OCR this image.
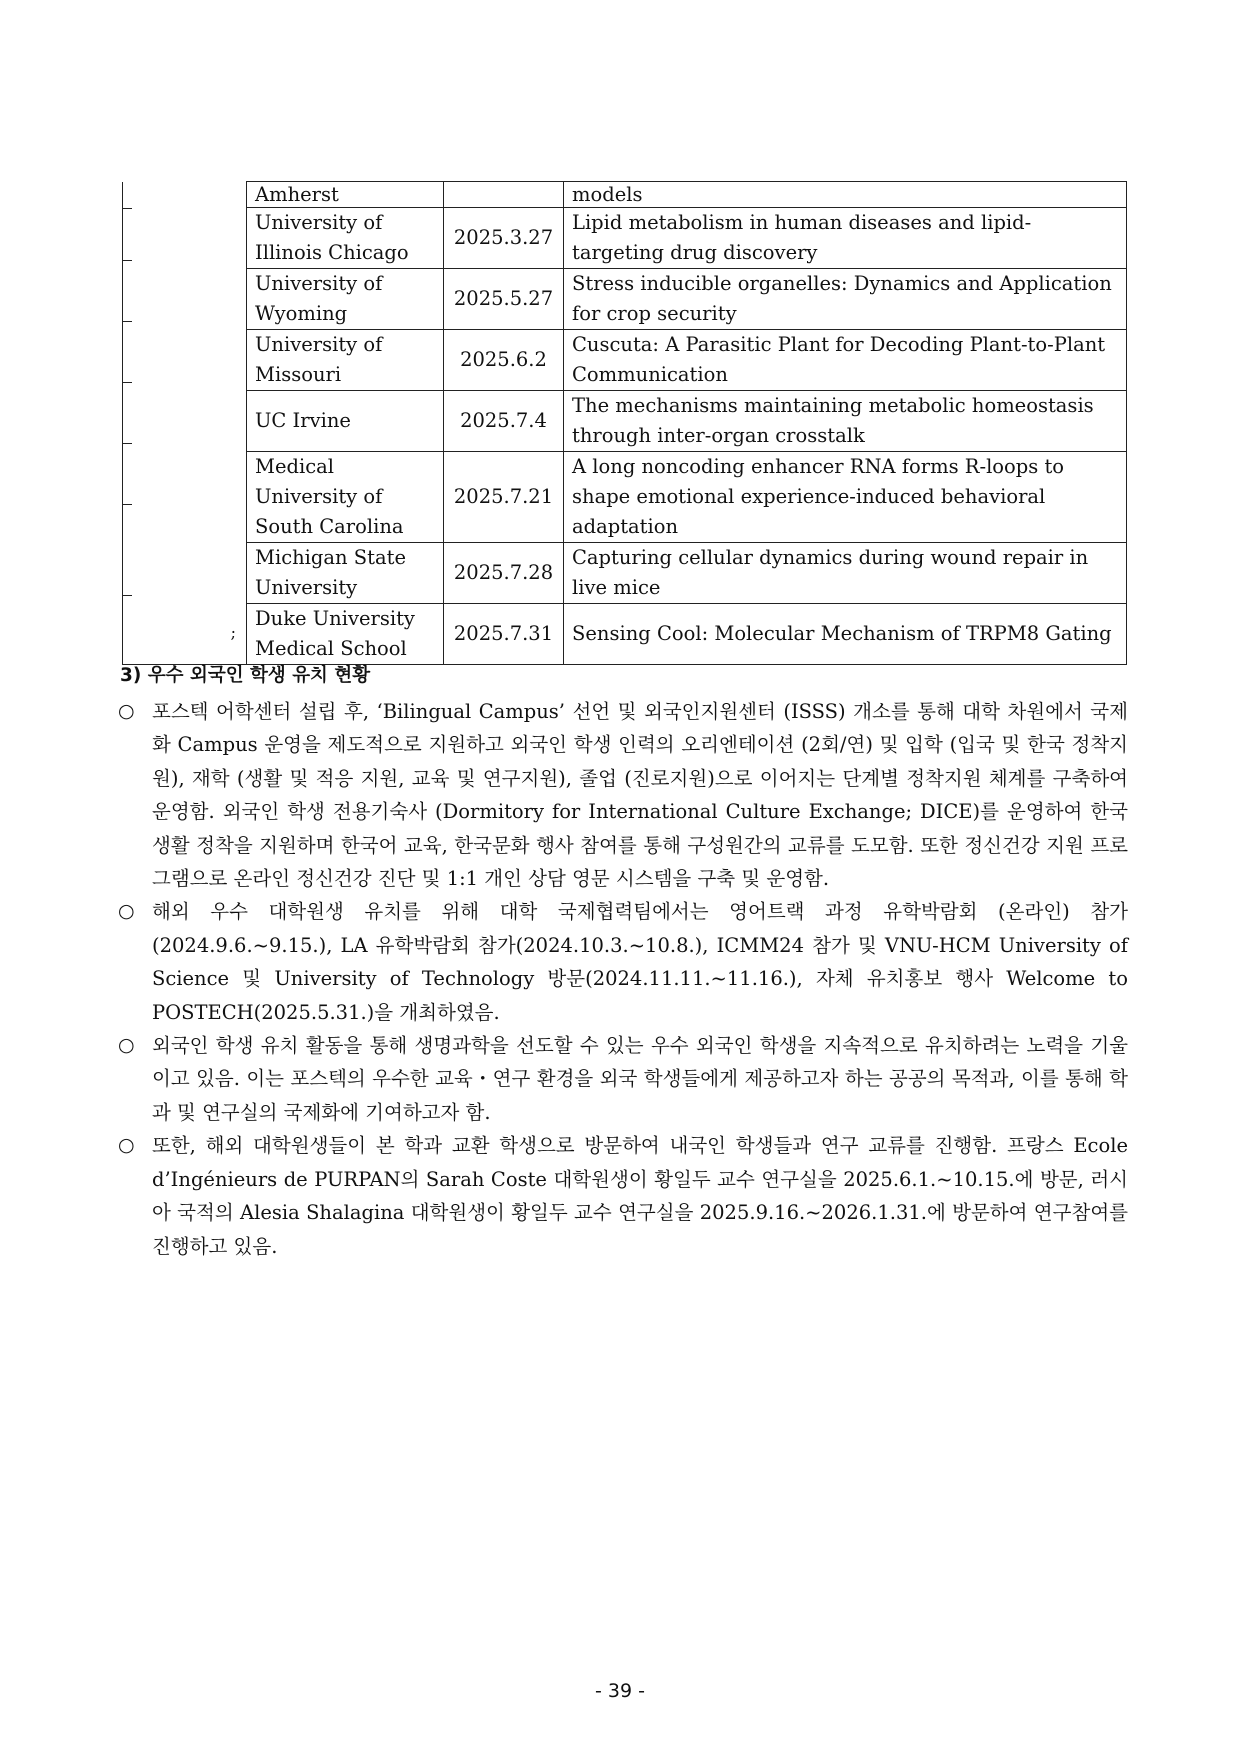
	Amherst		models

	University of Illinois Chicago	2025.3.27	Lipid metabolism in human diseases and lipid-targeting drug discovery

	University of Wyoming	2025.5.27	Stress inducible organelles: Dynamics and Application for crop security

	University of Missouri	2025.6.2	Cuscuta: A Parasitic Plant for Decoding Plant-to-Plant Communication

	UC Irvine	2025.7.4	The mechanisms maintaining metabolic homeostasis through inter-organ crosstalk

	Medical University of South Carolina	2025.7.21	A long noncoding enhancer RNA forms R-loops to shape emotional experience-induced behavioral adaptation

	Michigan State University	2025.7.28	Capturing cellular dynamics during wound repair in live mice

;	Duke University Medical School	2025.7.31	Sensing Cool: Molecular Mechanism of TRPM8 Gating
3) 우수 외국인 학생 유치 현황
○ 포스텍 어학센터 설립 후, ‘Bilingual Campus’ 선언 및 외국인지원센터 (ISSS) 개소를 통해 대학 차원에서 국제화 Campus 운영을 제도적으로 지원하고 외국인 학생 인력의 오리엔테이션 (2회/연) 및 입학 (입국 및 한국 정착지원), 재학 (생활 및 적응 지원, 교육 및 연구지원), 졸업 (진로지원)으로 이어지는 단계별 정착지원 체계를 구축하여 운영함. 외국인 학생 전용기숙사 (Dormitory for International Culture Exchange; DICE)를 운영하여 한국 생활 정착을 지원하며 한국어 교육, 한국문화 행사 참여를 통해 구성원간의 교류를 도모함. 또한 정신건강 지원 프로그램으로 온라인 정신건강 진단 및 1:1 개인 상담 영문 시스템을 구축 및 운영함.
○ 해외 우수 대학원생 유치를 위해 대학 국제협력팀에서는 영어트랙 과정 유학박람회 (온라인) 참가 (2024.9.6.~9.15.), LA 유학박람회 참가(2024.10.3.~10.8.), ICMM24 참가 및 VNU-HCM University of Science 및 University of Technology 방문(2024.11.11.~11.16.), 자체 유치홍보 행사 Welcome to POSTECH(2025.5.31.)을 개최하였음.
○ 외국인 학생 유치 활동을 통해 생명과학을 선도할 수 있는 우수 외국인 학생을 지속적으로 유치하려는 노력을 기울이고 있음. 이는 포스텍의 우수한 교육・연구 환경을 외국 학생들에게 제공하고자 하는 공공의 목적과, 이를 통해 학과 및 연구실의 국제화에 기여하고자 함.
○ 또한, 해외 대학원생들이 본 학과 교환 학생으로 방문하여 내국인 학생들과 연구 교류를 진행함. 프랑스 Ecole d’Ingénieurs de PURPAN의 Sarah Coste 대학원생이 황일두 교수 연구실을 2025.6.1.~10.15.에 방문, 러시아 국적의 Alesia Shalagina 대학원생이 황일두 교수 연구실을 2025.9.16.~2026.1.31.에 방문하여 연구참여를 진행하고 있음.
- 39 -
